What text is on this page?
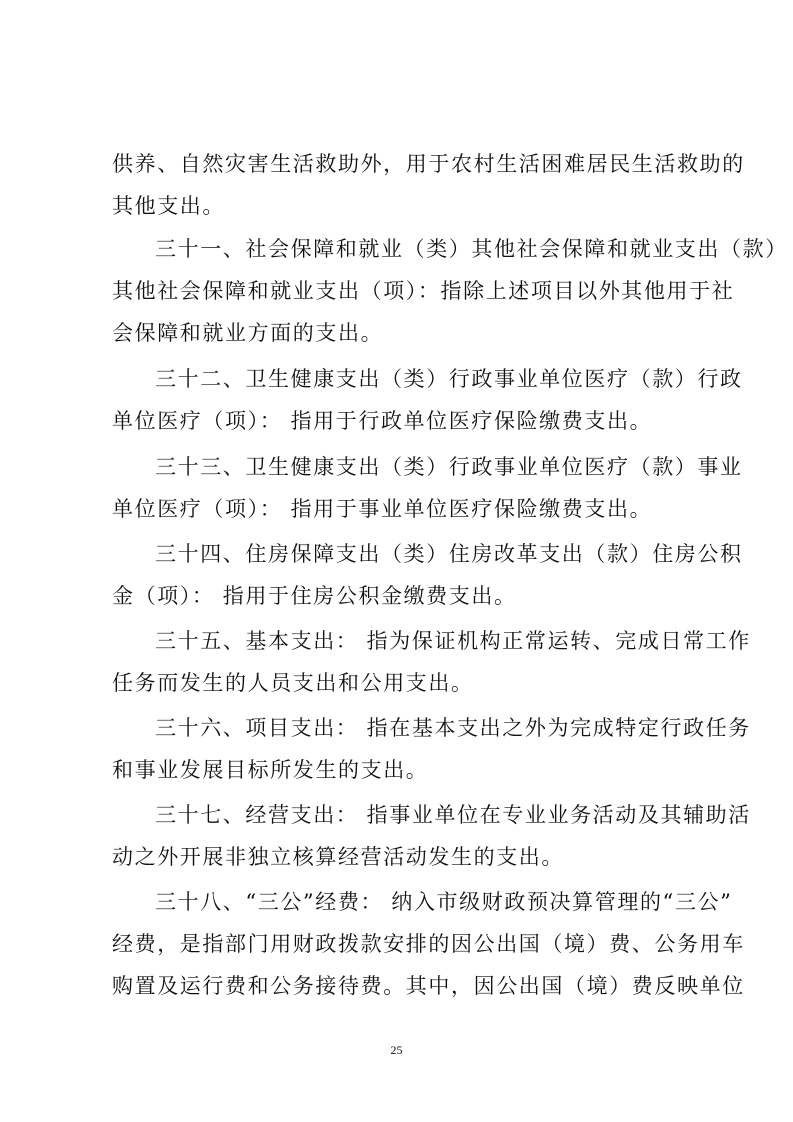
供养、自然灾害生活救助外，用于农村生活困难居民生活救助的
其他支出。
三十一、社会保障和就业（类）其他社会保障和就业支出（款）
其他社会保障和就业支出（项）：指除上述项目以外其他用于社
会保障和就业方面的支出。
三十二、卫生健康支出（类）行政事业单位医疗（款）行政
单位医疗（项）： 指用于行政单位医疗保险缴费支出。
三十三、卫生健康支出（类）行政事业单位医疗（款）事业
单位医疗（项）： 指用于事业单位医疗保险缴费支出。
三十四、住房保障支出（类）住房改革支出（款）住房公积
金（项）： 指用于住房公积金缴费支出。
三十五、基本支出： 指为保证机构正常运转、完成日常工作
任务而发生的人员支出和公用支出。
三十六、项目支出： 指在基本支出之外为完成特定行政任务
和事业发展目标所发生的支出。
三十七、经营支出： 指事业单位在专业业务活动及其辅助活
动之外开展非独立核算经营活动发生的支出。
三十八、“三公”经费： 纳入市级财政预决算管理的“三公”
经费，是指部门用财政拨款安排的因公出国（境）费、公务用车
购置及运行费和公务接待费。其中，因公出国（境）费反映单位
25
